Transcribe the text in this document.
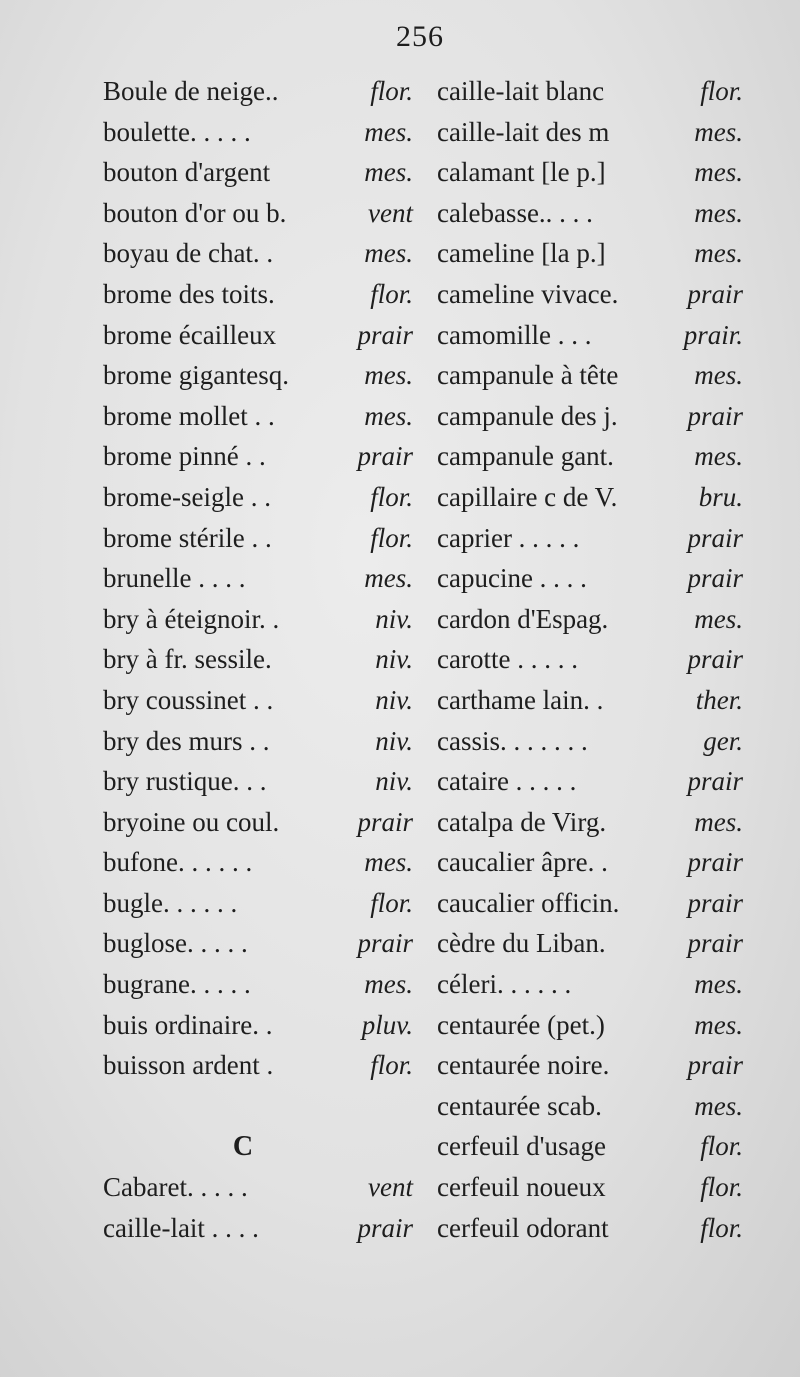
256
Boule de neige..	flor.
boulette. . . . .	mes.
bouton d'argent	mes.
bouton d'or ou b.	vent
boyau de chat. .	mes.
brome des toits.	flor.
brome écailleux	prair
brome gigantesq.	mes.
brome mollet . .	mes.
brome pinné . .	prair
brome-seigle . .	flor.
brome stérile . .	flor.
brunelle . . . .	mes.
bry à éteignoir. .	niv.
bry à fr. sessile.	niv.
bry coussinet . .	niv.
bry des murs . .	niv.
bry rustique. . .	niv.
bryoine ou coul.	prair
bufone. . . . . .	mes.
bugle. . . . . .	flor.
buglose. . . . .	prair
bugrane. . . . .	mes.
buis ordinaire. .	pluv.
buisson ardent .	flor.
C
Cabaret. . . . .	vent
caille-lait . . . .	prair
caille-lait blanc	flor.
caille-lait des m	mes.
calamant [le p.]	mes.
calebasse.. . . .	mes.
cameline [la p.]	mes.
cameline vivace.	prair
camomille . . .	prair.
campanule à tête	mes.
campanule des j.	prair
campanule gant.	mes.
capillaire c de V.	bru.
caprier . . . . .	prair
capucine . . . .	prair
cardon d'Espag.	mes.
carotte . . . . .	prair
carthame lain. .	ther.
cassis. . . . . . .	ger.
cataire . . . . .	prair
catalpa de Virg.	mes.
caucalier âpre. .	prair
caucalier officin.	prair
cèdre du Liban.	prair
céleri. . . . . .	mes.
centaurée (pet.)	mes.
centaurée noire.	prair
centaurée scab.	mes.
cerfeuil d'usage	flor.
cerfeuil noueux	flor.
cerfeuil odorant	flor.
